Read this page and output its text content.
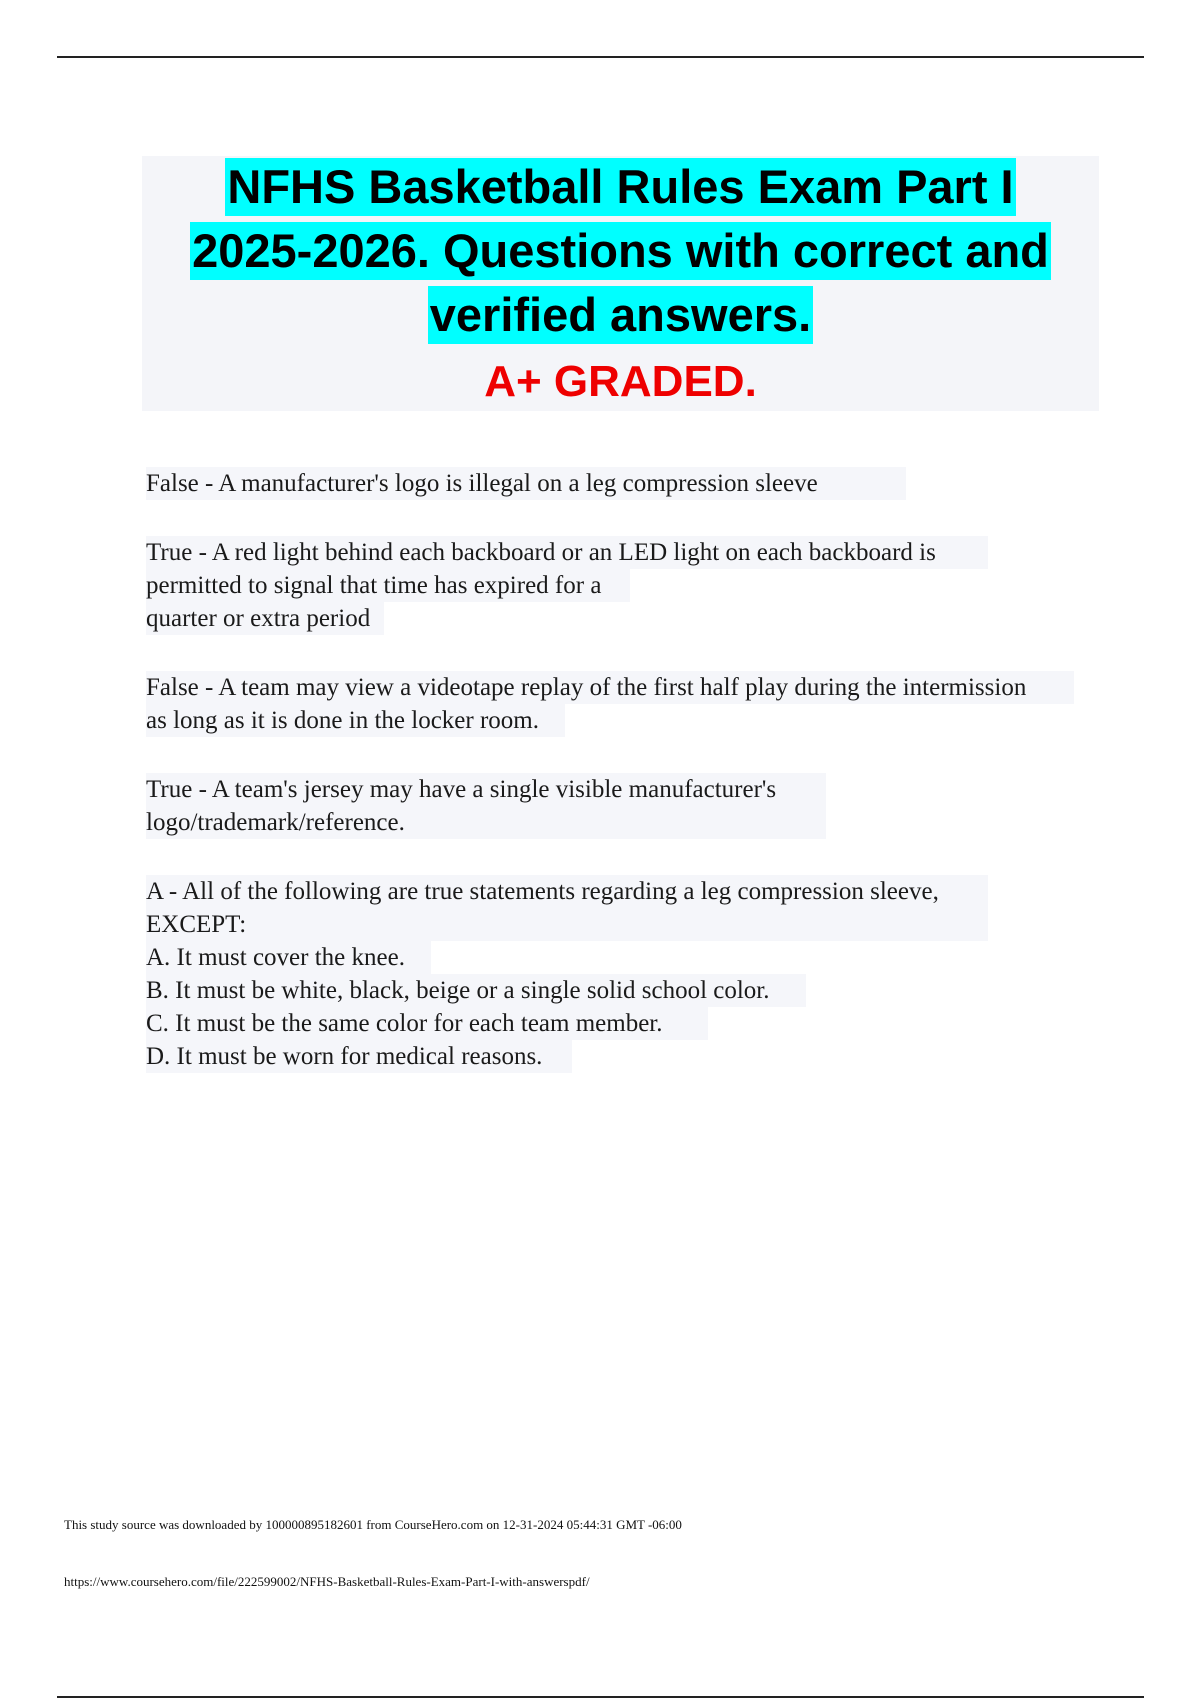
NFHS Basketball Rules Exam Part I
2025-2026. Questions with correct and
verified answers.
A+ GRADED.

False - A manufacturer's logo is illegal on a leg compression sleeve

True - A red light behind each backboard or an LED light on each backboard is

permitted to signal that time has expired for a

quarter or extra period

False - A team may view a videotape replay of the first half play during the intermission

as long as it is done in the locker room.

True - A team's jersey may have a single visible manufacturer's

logo/trademark/reference.

A - All of the following are true statements regarding a leg compression sleeve,

EXCEPT:

A. It must cover the knee.

B. It must be white, black, beige or a single solid school color.

C. It must be the same color for each team member.

D. It must be worn for medical reasons.

This study source was downloaded by 100000895182601 from CourseHero.com on 12-31-2024 05:44:31 GMT -06:00
https://www.coursehero.com/file/222599002/NFHS-Basketball-Rules-Exam-Part-I-with-answerspdf/
